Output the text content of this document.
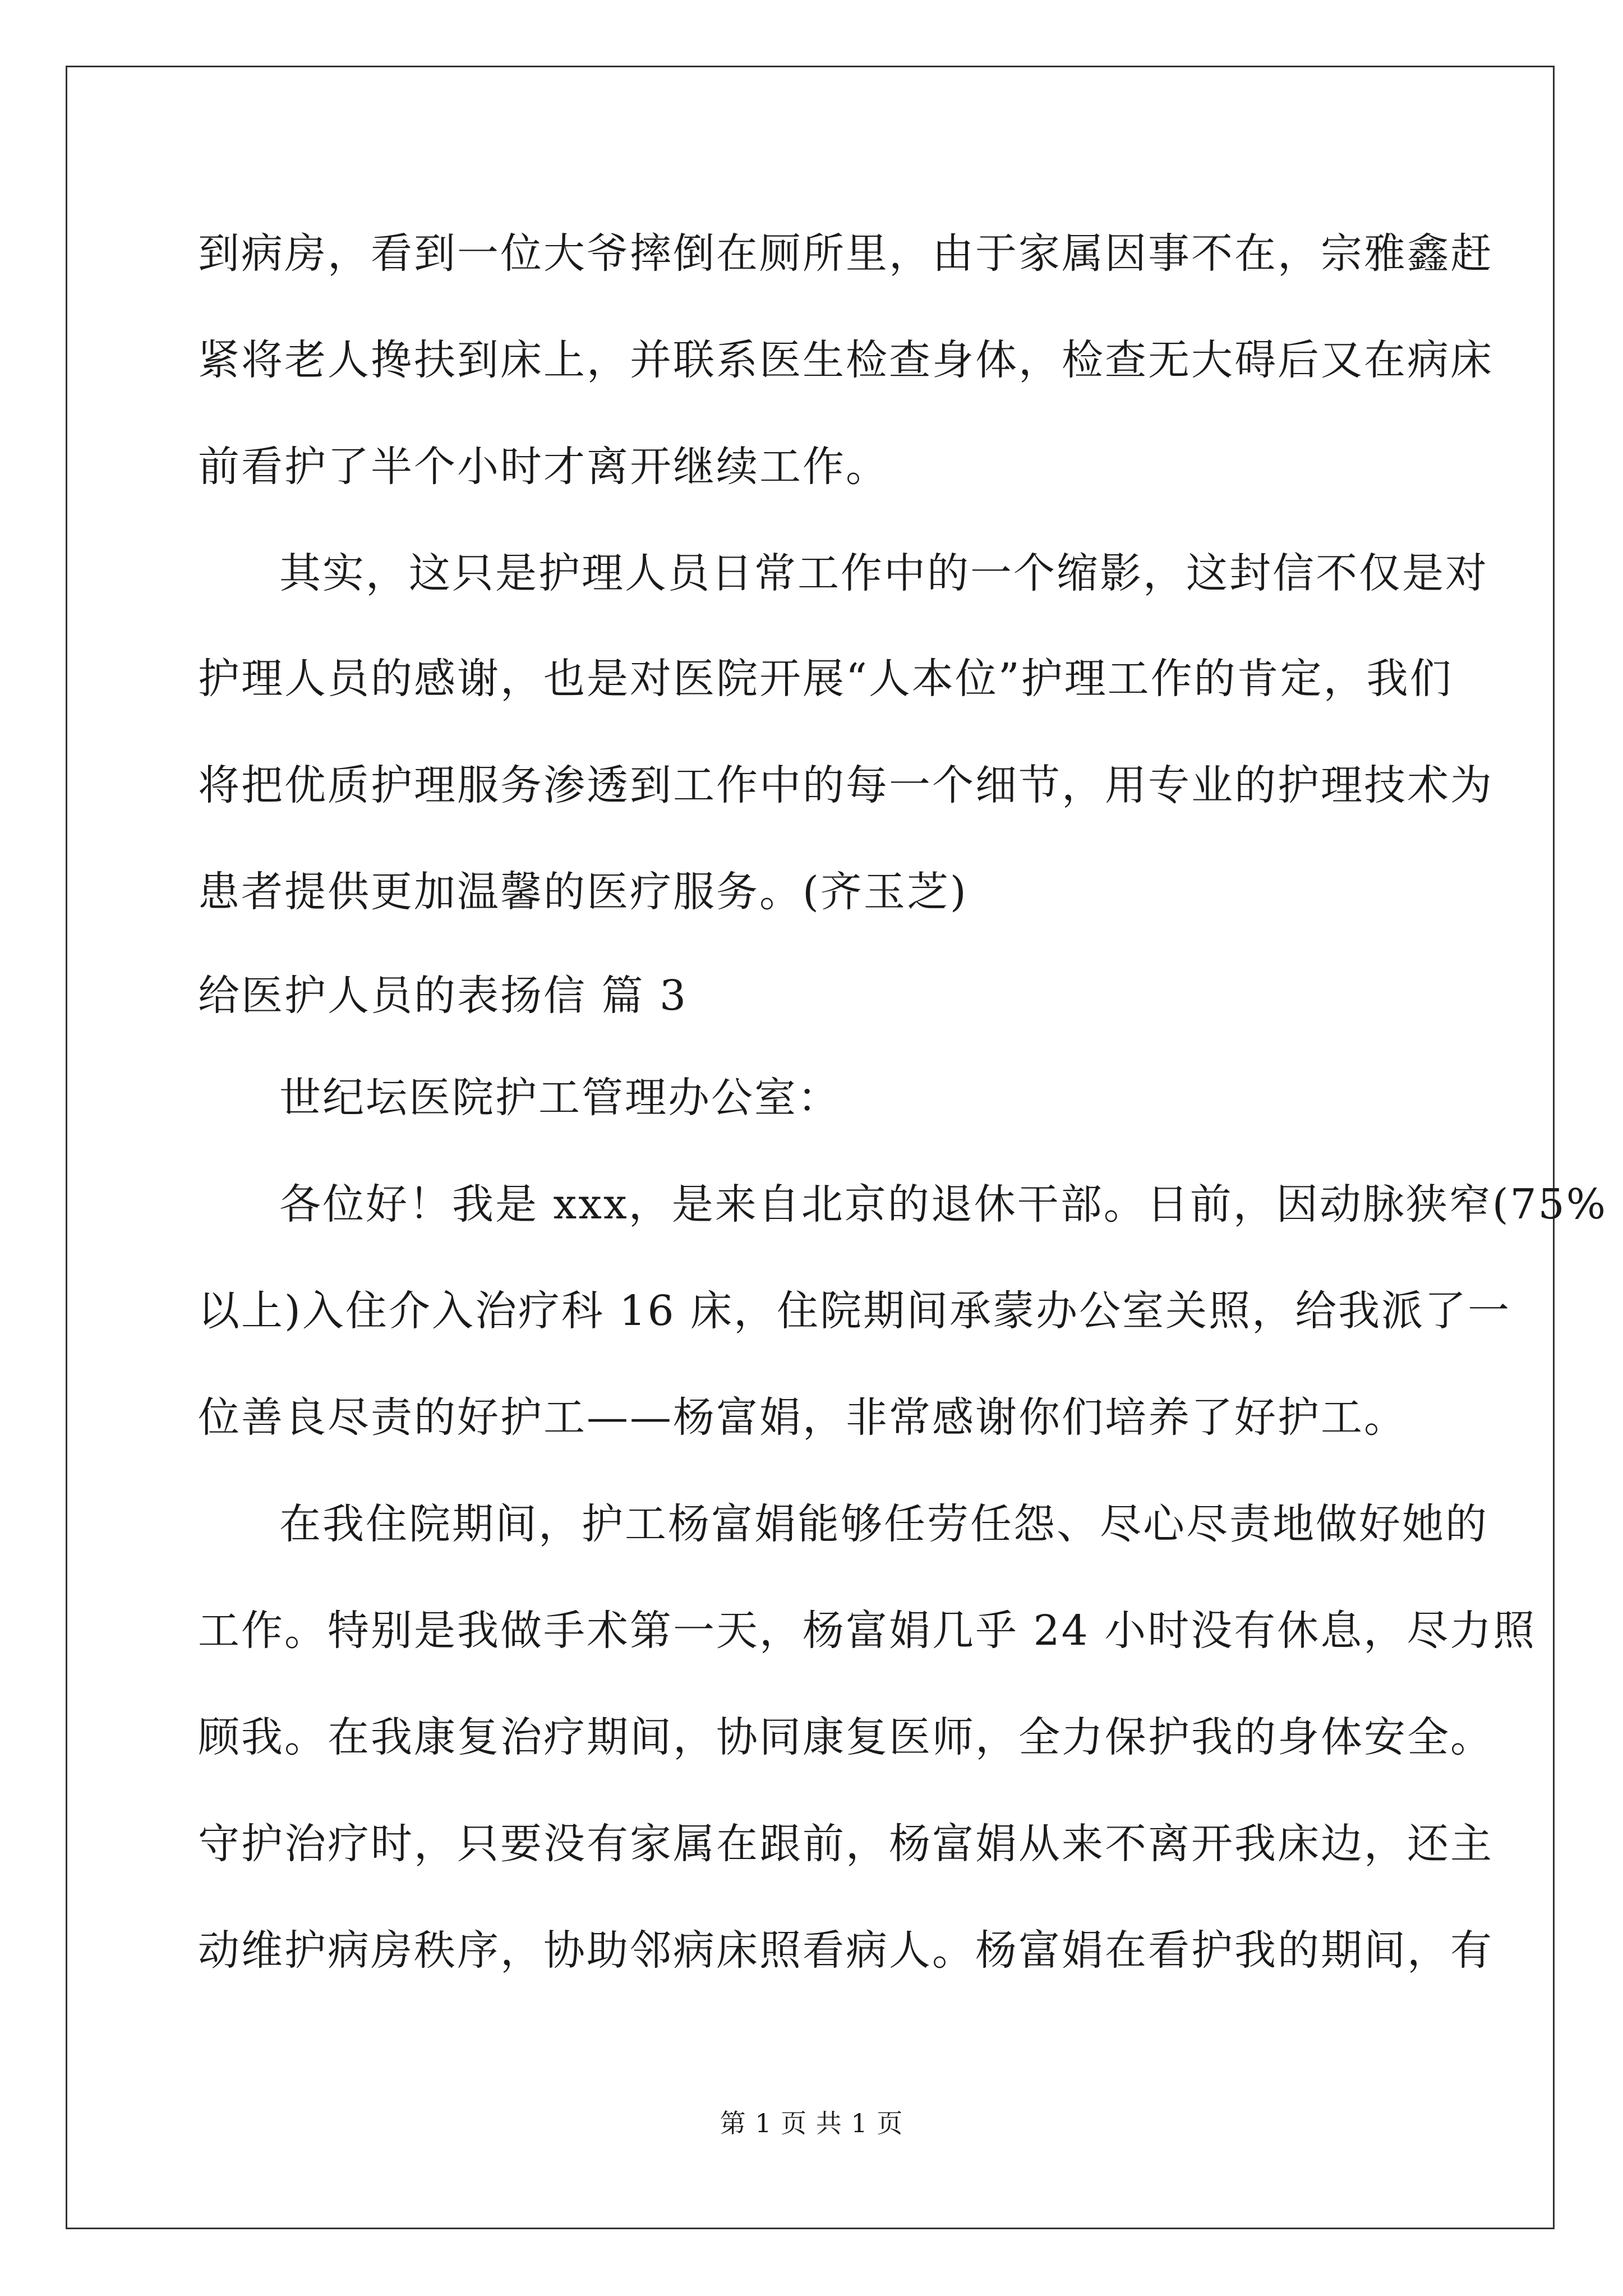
到病房，看到一位大爷摔倒在厕所里，由于家属因事不在，宗雅鑫赶
紧将老人搀扶到床上，并联系医生检查身体，检查无大碍后又在病床
前看护了半个小时才离开继续工作。
其实，这只是护理人员日常工作中的一个缩影，这封信不仅是对
护理人员的感谢，也是对医院开展“人本位”护理工作的肯定，我们
将把优质护理服务渗透到工作中的每一个细节，用专业的护理技术为
患者提供更加温馨的医疗服务。(齐玉芝)
给医护人员的表扬信 篇 3
世纪坛医院护工管理办公室：
各位好！我是 xxx，是来自北京的退休干部。日前，因动脉狭窄(75%
以上)入住介入治疗科 16 床，住院期间承蒙办公室关照，给我派了一
位善良尽责的好护工——杨富娟，非常感谢你们培养了好护工。
在我住院期间，护工杨富娟能够任劳任怨、尽心尽责地做好她的
工作。特别是我做手术第一天，杨富娟几乎 24 小时没有休息，尽力照
顾我。在我康复治疗期间，协同康复医师，全力保护我的身体安全。
守护治疗时，只要没有家属在跟前，杨富娟从来不离开我床边，还主
动维护病房秩序，协助邻病床照看病人。杨富娟在看护我的期间，有
第 1 页 共 1 页
